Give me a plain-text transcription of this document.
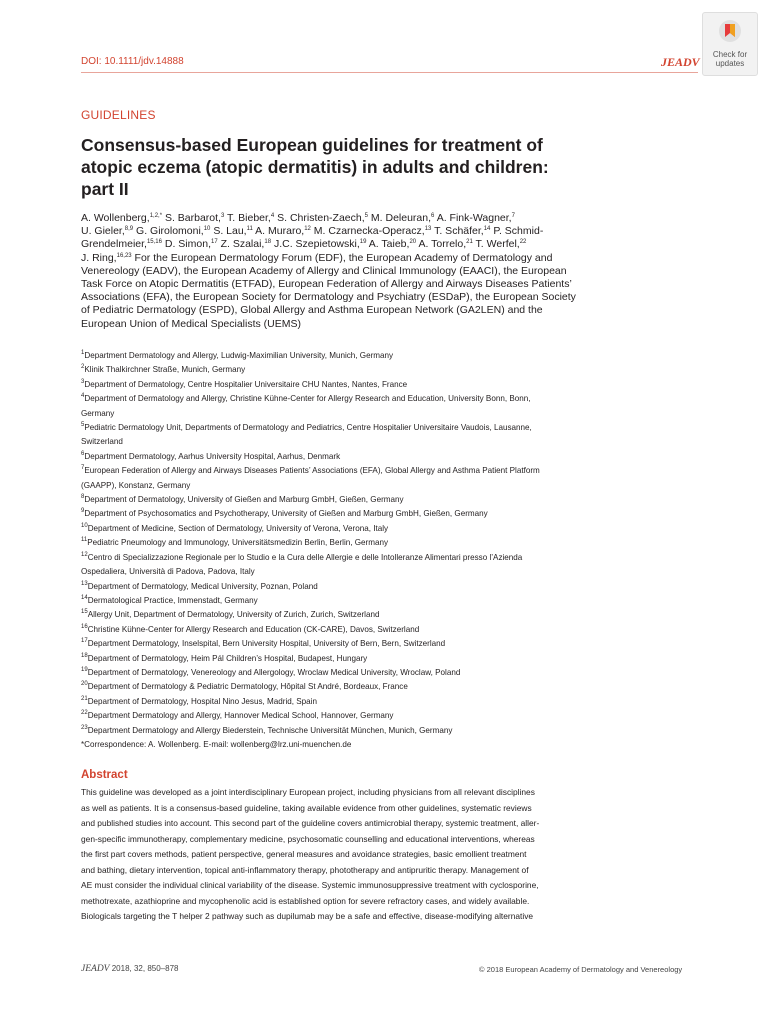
DOI: 10.1111/jdv.14888	JEADV
Check for
updates
GUIDELINES
Consensus-based European guidelines for treatment of
atopic eczema (atopic dermatitis) in adults and children:
part II
A. Wollenberg,$^{1,2,*}$ S. Barbarot,$^3$ T. Bieber,$^4$ S. Christen-Zaech,$^5$ M. Deleuran,$^6$ A. Fink-Wagner,$^7$
U. Gieler,$^{8,9}$ G. Girolomoni,$^{10}$ S. Lau,$^{11}$ A. Muraro,$^{12}$ M. Czarnecka-Operacz,$^{13}$ T. Schäfer,$^{14}$ P. Schmid-
Grendelmeier,$^{15,16}$ D. Simon,$^{17}$ Z. Szalai,$^{18}$ J.C. Szepietowski,$^{19}$ A. Taieb,$^{20}$ A. Torrelo,$^{21}$ T. Werfel,$^{22}$
J. Ring,$^{16,23}$ For the European Dermatology Forum (EDF), the European Academy of Dermatology and
Venereology (EADV), the European Academy of Allergy and Clinical Immunology (EAACI), the European
Task Force on Atopic Dermatitis (ETFAD), European Federation of Allergy and Airways Diseases Patients’
Associations (EFA), the European Society for Dermatology and Psychiatry (ESDaP), the European Society
of Pediatric Dermatology (ESPD), Global Allergy and Asthma European Network (GA2LEN) and the
European Union of Medical Specialists (UEMS)
$^1$Department Dermatology and Allergy, Ludwig-Maximilian University, Munich, Germany
$^2$Klinik Thalkirchner Straße, Munich, Germany
$^3$Department of Dermatology, Centre Hospitalier Universitaire CHU Nantes, Nantes, France
$^4$Department of Dermatology and Allergy, Christine Kühne-Center for Allergy Research and Education, University Bonn, Bonn,
Germany
$^5$Pediatric Dermatology Unit, Departments of Dermatology and Pediatrics, Centre Hospitalier Universitaire Vaudois, Lausanne,
Switzerland
$^6$Department Dermatology, Aarhus University Hospital, Aarhus, Denmark
$^7$European Federation of Allergy and Airways Diseases Patients’ Associations (EFA), Global Allergy and Asthma Patient Platform
(GAAPP), Konstanz, Germany
$^8$Department of Dermatology, University of Gießen and Marburg GmbH, Gießen, Germany
$^9$Department of Psychosomatics and Psychotherapy, University of Gießen and Marburg GmbH, Gießen, Germany
$^{10}$Department of Medicine, Section of Dermatology, University of Verona, Verona, Italy
$^{11}$Pediatric Pneumology and Immunology, Universitätsmedizin Berlin, Berlin, Germany
$^{12}$Centro di Specializzazione Regionale per lo Studio e la Cura delle Allergie e delle Intolleranze Alimentari presso l’Azienda
Ospedaliera, Università di Padova, Padova, Italy
$^{13}$Department of Dermatology, Medical University, Poznan, Poland
$^{14}$Dermatological Practice, Immenstadt, Germany
$^{15}$Allergy Unit, Department of Dermatology, University of Zurich, Zurich, Switzerland
$^{16}$Christine Kühne-Center for Allergy Research and Education (CK-CARE), Davos, Switzerland
$^{17}$Department Dermatology, Inselspital, Bern University Hospital, University of Bern, Bern, Switzerland
$^{18}$Department of Dermatology, Heim Pál Children’s Hospital, Budapest, Hungary
$^{19}$Department of Dermatology, Venereology and Allergology, Wroclaw Medical University, Wroclaw, Poland
$^{20}$Department of Dermatology & Pediatric Dermatology, Hôpital St André, Bordeaux, France
$^{21}$Department of Dermatology, Hospital Nino Jesus, Madrid, Spain
$^{22}$Department Dermatology and Allergy, Hannover Medical School, Hannover, Germany
$^{23}$Department Dermatology and Allergy Biederstein, Technische Universität München, Munich, Germany
*Correspondence: A. Wollenberg. E-mail: wollenberg@lrz.uni-muenchen.de
Abstract
This guideline was developed as a joint interdisciplinary European project, including physicians from all relevant disciplines
as well as patients. It is a consensus-based guideline, taking available evidence from other guidelines, systematic reviews
and published studies into account. This second part of the guideline covers antimicrobial therapy, systemic treatment, aller-
gen-specific immunotherapy, complementary medicine, psychosomatic counselling and educational interventions, whereas
the first part covers methods, patient perspective, general measures and avoidance strategies, basic emollient treatment
and bathing, dietary intervention, topical anti-inflammatory therapy, phototherapy and antipruritic therapy. Management of
AE must consider the individual clinical variability of the disease. Systemic immunosuppressive treatment with cyclosporine,
methotrexate, azathioprine and mycophenolic acid is established option for severe refractory cases, and widely available.
Biologicals targeting the T helper 2 pathway such as dupilumab may be a safe and effective, disease-modifying alternative
JEADV 2018, 32, 850–878	© 2018 European Academy of Dermatology and Venereology
